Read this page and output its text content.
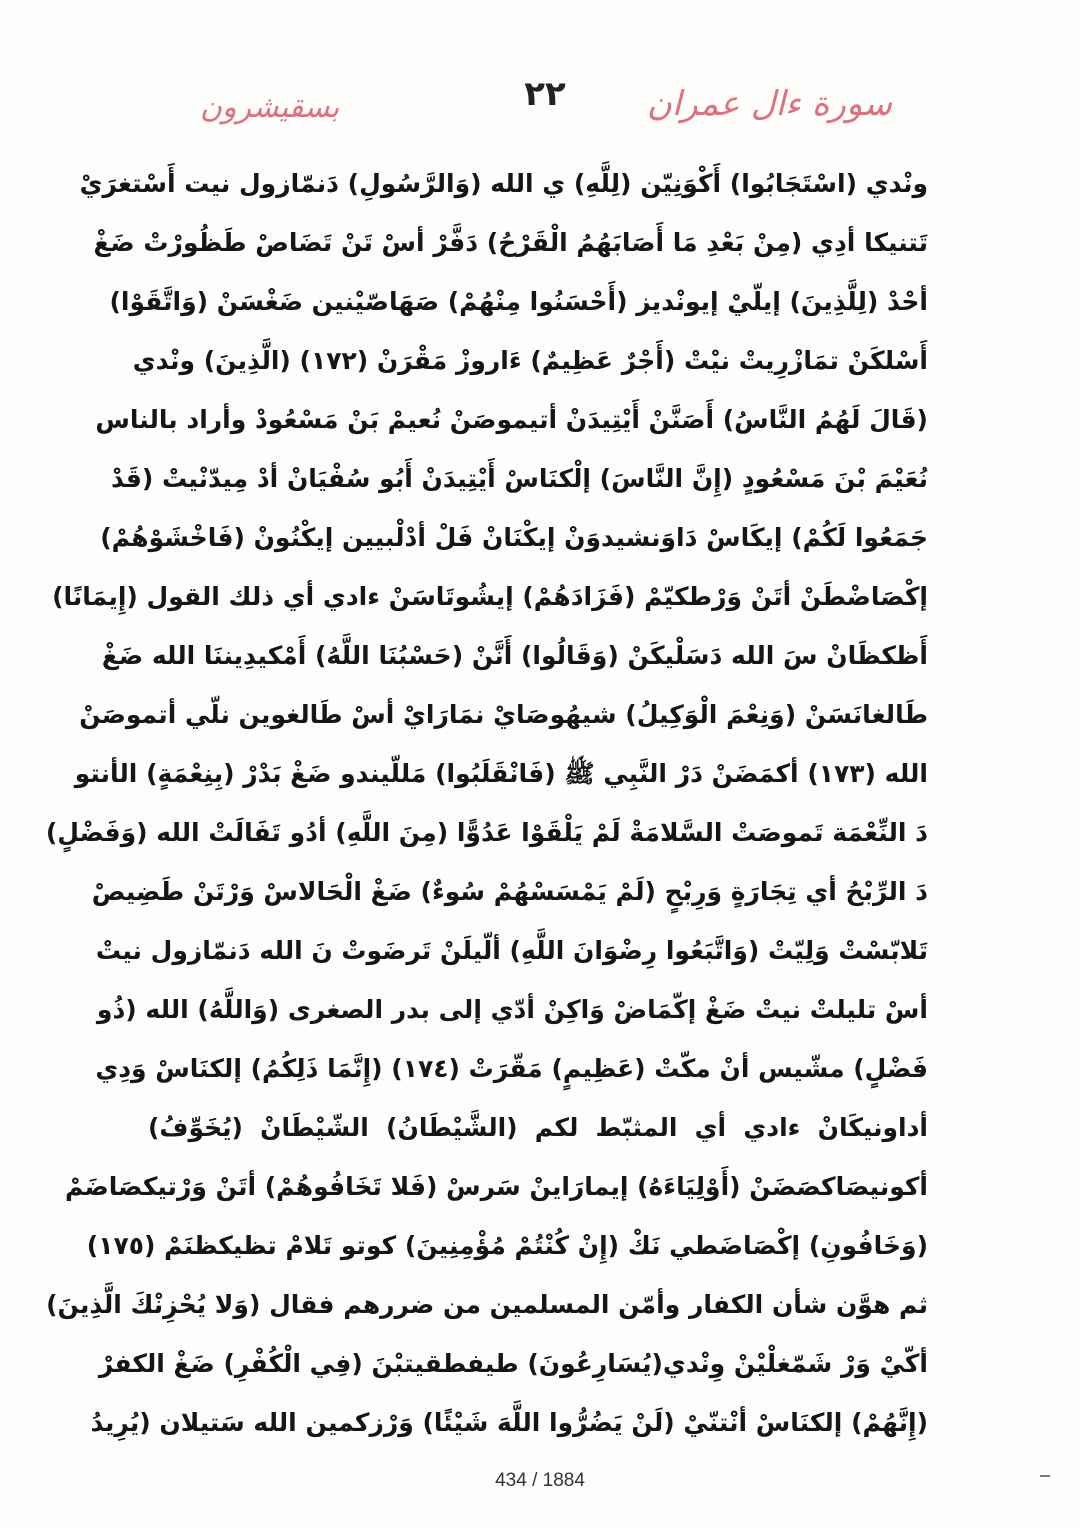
بسقيشرون	٢٢	سورة ءال عمران
ونْدي (اسْتَجَابُوا) أَكْوَنِيّن (لِلَّهِ) ي الله (وَالرَّسُولِ) دَنمّازول نيت أَسْتغرَيْ
تَتنيكا أدِي (مِنْ بَعْدِ مَا أَصَابَهُمُ الْقَرْحُ) دَفَّرْ أسْ تَنْ تَضَاصْ طَظُورْتْ ضَغْ
أحْدْ (لِلَّذِينَ) إيلّيْ إيونْديز (أَحْسَنُوا مِنْهُمْ) صَهَاصّيْنين ضَغْسَنْ (وَاتَّقَوْا)
أَسْلكَنْ تمَازْرِيتْ نيْتْ (أَجْرٌ عَظِيمٌ) ءَاروزْ مَقْرَنْ (١٧٢) (الَّذِينَ) ونْدي
(قَالَ لَهُمُ النَّاسُ) أَصَنَّنْ أَيْتِيدَنْ أتيموصَنْ نُعيمْ بَنْ مَسْعُودْ وأراد بالناس
نُعَيْمَ بْنَ مَسْعُودٍ (إِنَّ النَّاسَ) إلْكنَاسْ أَيْتِيدَنْ أَبُو سُفْيَانْ أدْ مِيدّنْيتْ (قَدْ
جَمَعُوا لَكُمْ) إيكَاسْ دَاوَنشيدوَنْ إيكْنَانْ فَلْ أدْلْبيين إيكْنُونْ (فَاخْشَوْهُمْ)
إكْصَاضْطَنْ أتَنْ وَرْطكيّمْ (فَزَادَهُمْ) إيشُوتَاسَنْ ءادي أي ذلك القول (إِيمَانًا)
أَظكظَانْ سَ الله دَسَلْيكَنْ (وَقَالُوا) أَنَّنْ (حَسْبُنَا اللَّهُ) أَمْكيدِيننَا الله ضَغْ
طَالغانَسَنْ (وَنِعْمَ الْوَكِيلُ) شيهُوصَايْ نمَارَايْ أسْ طَالغوين نلّي أتموصَنْ
الله (١٧٣) أكمَضَنْ دَرْ النَّبِي ﷺ (فَانْقَلَبُوا) مَللّيندو ضَغْ بَدْرْ (بِنِعْمَةٍ) الأنتو
دَ النِّعْمَة تَموصَتْ السَّلامَةْ لَمْ يَلْقَوْا عَدُوًّا (مِنَ اللَّهِ) أدُو تَفَالَتْ الله (وَفَضْلٍ)
دَ الرِّبْحُ أي تِجَارَةٍ وَرِبْحٍ (لَمْ يَمْسَسْهُمْ سُوءٌ) ضَغْ الْحَالاسْ وَرْتَنْ طَضِيصْ
تَلابّسْتْ وَلِيّتْ (وَاتَّبَعُوا رِضْوَانَ اللَّهِ) ألّيلَنْ تَرضَوتْ نَ الله دَنمّازول نيتْ
أسْ تليلتْ نيتْ ضَغْ إكّمَاضْ وَاكِنْ أدّي إلى بدر الصغرى (وَاللَّهُ) الله (ذُو
فَضْلٍ) مشّيس أنْ مكّتْ (عَظِيمٍ) مَقّرَتْ (١٧٤) (إِنَّمَا ذَلِكُمُ) إلكنَاسْ وَدِي
أداونيكَانْ ءادي أي المثبّط لكم (الشَّيْطَانُ) الشّيْطَانْ (يُخَوِّفُ)
أكونيصَاكصَضَنْ (أَوْلِيَاءَهُ) إيمارَاينْ سَرسْ (فَلا تَخَافُوهُمْ) أتَنْ وَرْتيكصَاضَمْ
(وَخَافُونِ) إكْصَاضَطي نَكْ (إِنْ كُنْتُمْ مُؤْمِنِينَ) كوتو تَلامْ تظيكظنَمْ (١٧٥)
ثم هوَّن شأن الكفار وأمّن المسلمين من ضررهم فقال (وَلا يُحْزِنْكَ الَّذِينَ)
أكّيْ وَرْ شَمّغلْيْنْ وِنْدي(يُسَارِعُونَ) طيفطقيتبْنَ (فِي الْكُفْرِ) ضَغْ الكفرْ
(إِنَّهُمْ) إلكنَاسْ أنْتنّيْ (لَنْ يَضُرُّوا اللَّهَ شَيْئًا) وَرْزكمين الله سَتيلان (يُرِيدُ
434 / 1884
